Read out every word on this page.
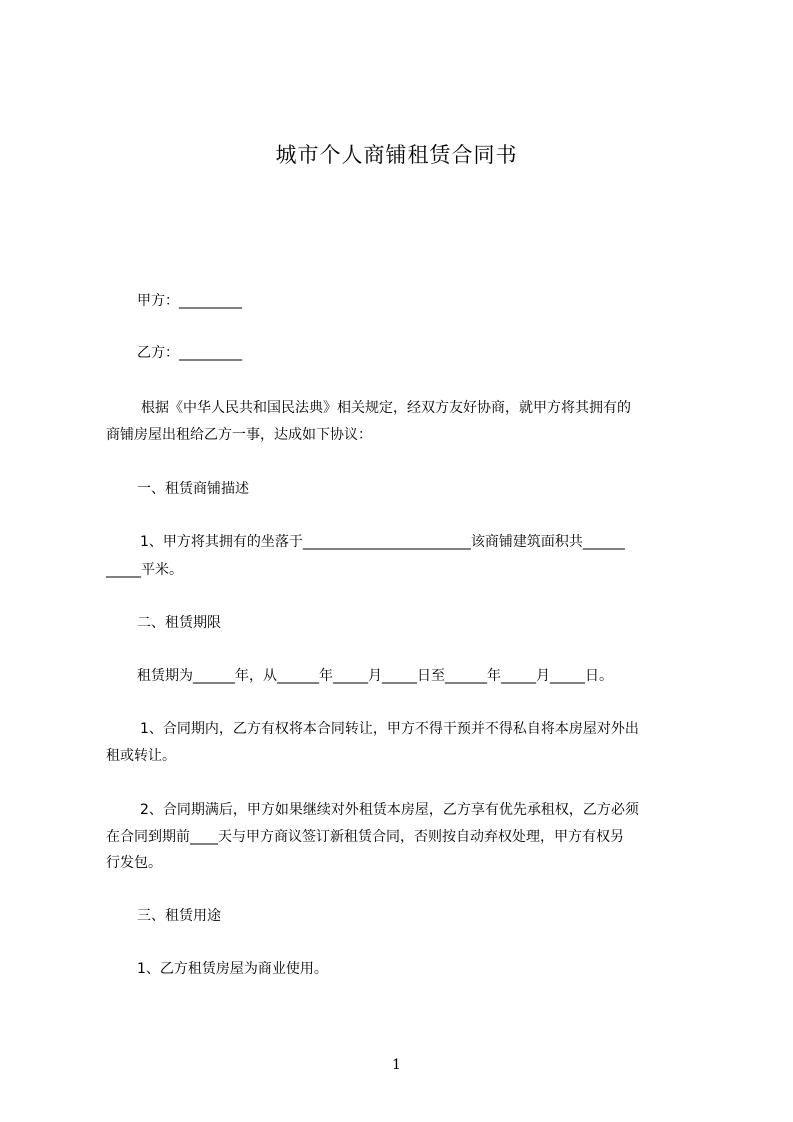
城市个人商铺租赁合同书
甲方：_________
乙方：_________
根据《中华人民共和国民法典》相关规定，经双方友好协商，就甲方将其拥有的
商铺房屋出租给乙方一事，达成如下协议：
一、租赁商铺描述
1、甲方将其拥有的坐落于________________________该商铺建筑面积共______
_____平米。
二、租赁期限
租赁期为______年，从______年_____月_____日至______年_____月_____日。
1、合同期内，乙方有权将本合同转让，甲方不得干预并不得私自将本房屋对外出
租或转让。
2、合同期满后，甲方如果继续对外租赁本房屋，乙方享有优先承租权，乙方必须
在合同到期前____天与甲方商议签订新租赁合同，否则按自动弃权处理，甲方有权另
行发包。
三、租赁用途
1、乙方租赁房屋为商业使用。
1
